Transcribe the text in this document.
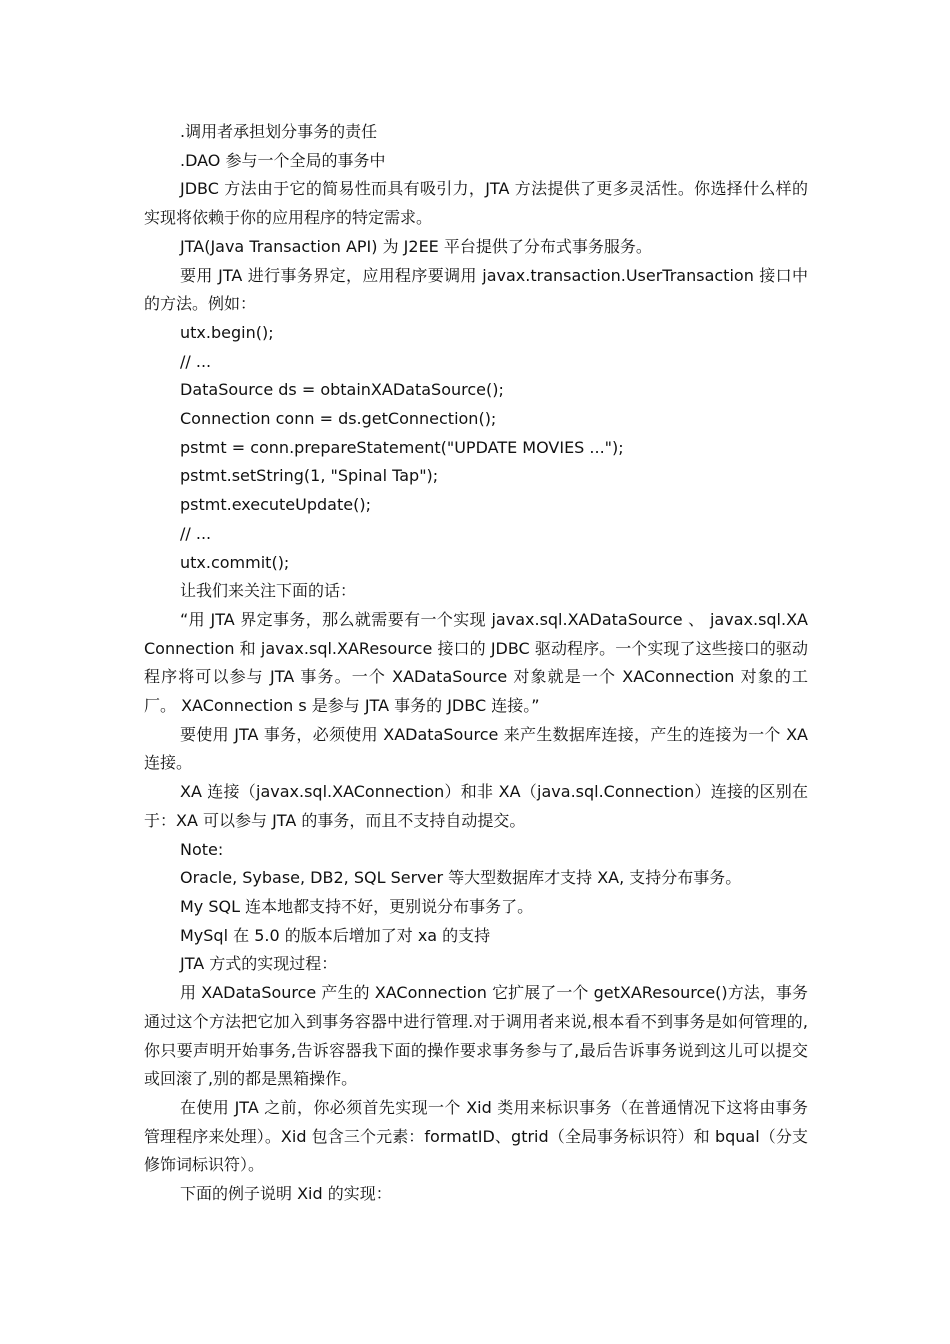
.调用者承担划分事务的责任

.DAO 参与一个全局的事务中

JDBC 方法由于它的简易性而具有吸引力，JTA 方法提供了更多灵活性。你选择什么样的实现将依赖于你的应用程序的特定需求。

JTA(Java Transaction API) 为 J2EE 平台提供了分布式事务服务。

要用 JTA 进行事务界定，应用程序要调用 javax.transaction.UserTransaction 接口中的方法。例如：

utx.begin();

// ...

DataSource ds = obtainXADataSource();

Connection conn = ds.getConnection();

pstmt = conn.prepareStatement("UPDATE MOVIES ...");

pstmt.setString(1, "Spinal Tap");

pstmt.executeUpdate();

// ...

utx.commit();

让我们来关注下面的话：

“用 JTA 界定事务，那么就需要有一个实现 javax.sql.XADataSource 、 javax.sql.XAConnection 和 javax.sql.XAResource 接口的 JDBC 驱动程序。一个实现了这些接口的驱动程序将可以参与 JTA 事务。一个 XADataSource 对象就是一个 XAConnection 对象的工厂。 XAConnection s 是参与 JTA 事务的 JDBC 连接。”

要使用 JTA 事务，必须使用 XADataSource 来产生数据库连接，产生的连接为一个 XA 连接。

XA 连接（javax.sql.XAConnection）和非 XA（java.sql.Connection）连接的区别在于：XA 可以参与 JTA 的事务，而且不支持自动提交。

Note:

Oracle, Sybase, DB2, SQL Server 等大型数据库才支持 XA, 支持分布事务。

My SQL 连本地都支持不好，更别说分布事务了。

MySql 在 5.0 的版本后增加了对 xa 的支持

JTA 方式的实现过程：

用 XADataSource 产生的 XAConnection 它扩展了一个 getXAResource()方法，事务通过这个方法把它加入到事务容器中进行管理.对于调用者来说,根本看不到事务是如何管理的,你只要声明开始事务,告诉容器我下面的操作要求事务参与了,最后告诉事务说到这儿可以提交或回滚了,别的都是黑箱操作。

在使用 JTA 之前，你必须首先实现一个 Xid 类用来标识事务（在普通情况下这将由事务管理程序来处理）。Xid 包含三个元素：formatID、gtrid（全局事务标识符）和 bqual（分支修饰词标识符）。

下面的例子说明 Xid 的实现：
